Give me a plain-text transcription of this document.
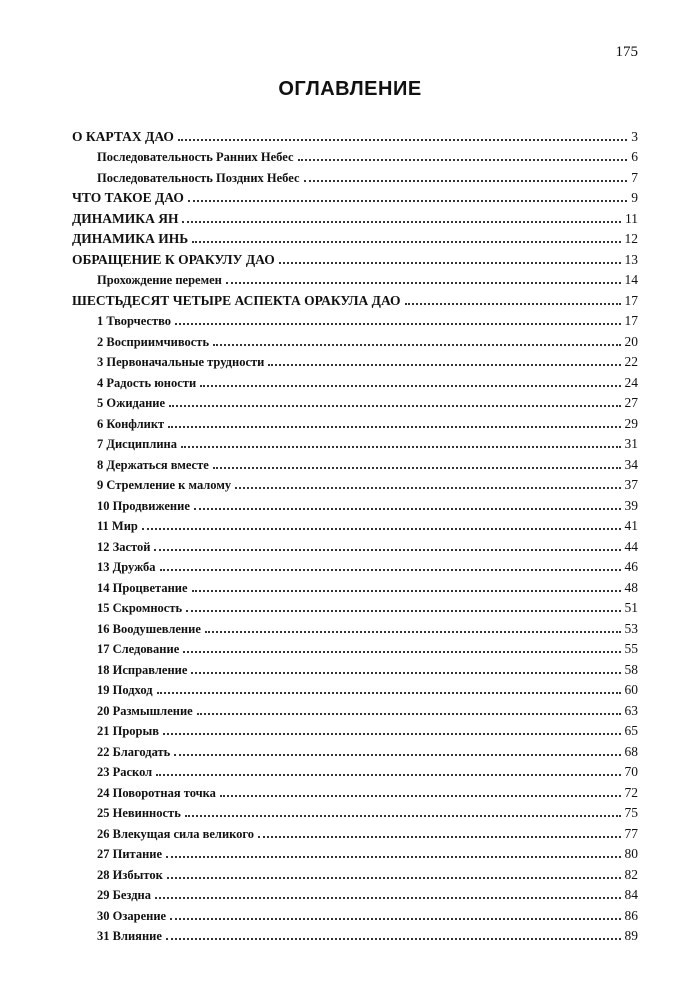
175
ОГЛАВЛЕНИЕ
О КАРТАХ ДАО	3
Последовательность Ранних Небес	6
Последовательность Поздних Небес	7
ЧТО ТАКОЕ ДАО	9
ДИНАМИКА ЯН	11
ДИНАМИКА ИНЬ	12
ОБРАЩЕНИЕ К ОРАКУЛУ ДАО	13
Прохождение перемен	14
ШЕСТЬДЕСЯТ ЧЕТЫРЕ АСПЕКТА ОРАКУЛА ДАО	17
1 Творчество	17
2 Восприимчивость	20
3 Первоначальные трудности	22
4 Радость юности	24
5 Ожидание	27
6 Конфликт	29
7 Дисциплина	31
8 Держаться вместе	34
9 Стремление к малому	37
10 Продвижение	39
11 Мир	41
12 Застой	44
13 Дружба	46
14 Процветание	48
15 Скромность	51
16 Воодушевление	53
17 Следование	55
18 Исправление	58
19 Подход	60
20 Размышление	63
21 Прорыв	65
22 Благодать	68
23 Раскол	70
24 Поворотная точка	72
25 Невинность	75
26 Влекущая сила великого	77
27 Питание	80
28 Избыток	82
29 Бездна	84
30 Озарение	86
31 Влияние	89
